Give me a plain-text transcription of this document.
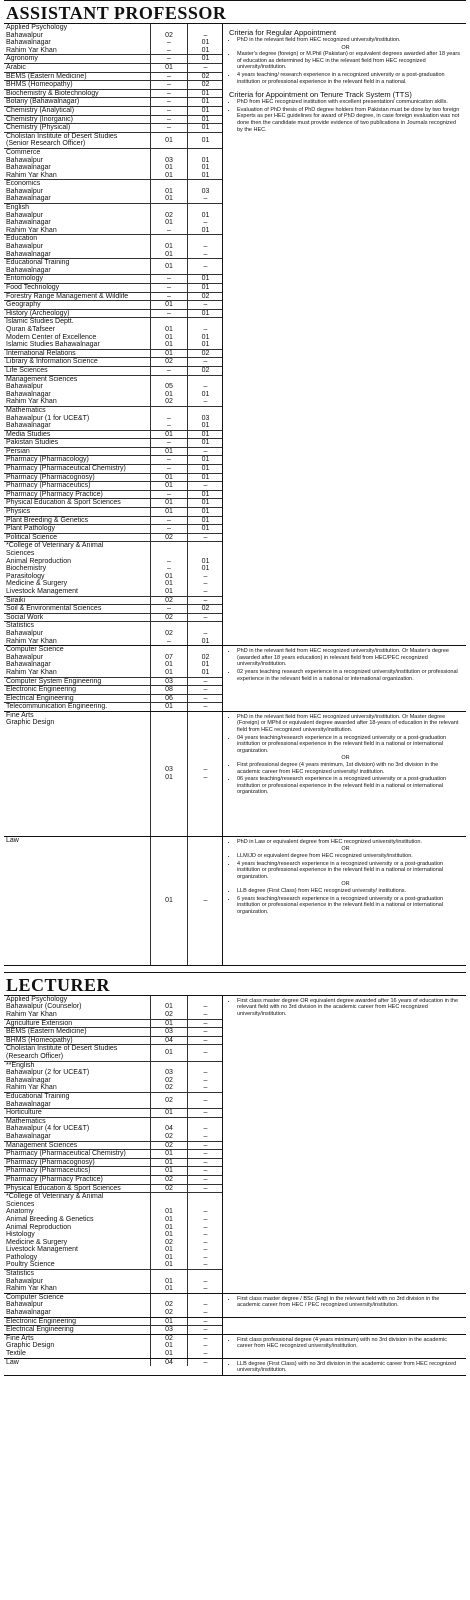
ASSISTANT PROFESSOR
Applied Psychology
Bahawalpur
Bahawalnagar
Rahim Yar Khan

02
–
–

–
01
01
Agronomy	–	01
Arabic	01	–
BEMS (Eastern Medicine)	–	02
BHMS (Homeopathy)	–	02
Biochemistry & Biotechnology	–	01
Botany (Bahawalnagar)	–	01
Chemistry (Analytical)	–	01
Chemistry (Inorganic)	–	01
Chemistry (Physical)	–	01
Cholistan Institute of Desert Studies
(Senior Research Officer)
01	01
Commerce
Bahawalpur
Bahawalnagar
Rahim Yar Khan

03
01
01

01
01
01
Economics
Bahawalpur
Bahawalnagar

01
01

03
–
English
Bahawalpur
Bahawalnagar
Rahim Yar Khan

02
01
–

01
–
01
Education
Bahawalpur
Bahawalnagar

01
01

–
–
Educational Training
Bahawalnagar
01	–
Entomology	–	01
Food Technology	–	01
Forestry Range Management & Wildlife	–	02
Geography	01	–
History (Archeology)	–	01
Islamic Studies Deptt.
Quran &Tafseer
Modern Center of Excellence
Islamic Studies Bahawalnagar

01
01
01

–
01
01
International Relations	01	02
Library & Information Science	02	–
Life Sciences	–	02
Management Sciences
Bahawalpur
Bahawalnagar
Rahim Yar Khan

05
01
02

–
01
–
Mathematics
Bahawalpur (1 for UCE&T)
Bahawalnagar

–
–

03
01
Media Studies	01	01
Pakistan Studies	–	01
Persian	01	–
Pharmacy (Pharmacology)	–	01
Pharmacy (Pharmaceutical Chemistry)	–	01
Pharmacy (Pharmacognosy)	01	01
Pharmacy (Pharmaceutics)	01	–
Pharmacy (Pharmacy Practice)	–	01
Physical Education & Sport Sciences	01	01
Physics	01	01
Plant Breeding & Genetics	–	01
Plant Pathology	–	01
Political Science	02	–
*College of Veterinary & Animal
Sciences
Animal Reproduction
Biochemistry
Parasitology
Medicine & Surgery
Livestock Management

–
–
01
01
01

01
01
–
–
–
Siraiki	02	–
Soil & Environmental Sciences	–	02
Social Work	02	–
Statistics
Bahawalpur
Rahim Yar Khan

02
–

–
01
Criteria for Regular Appointment
• PhD in the relevant field from HEC recognized university/institution.
OR
• Master's degree (foreign) or M.Phil (Pakistan) or equivalent degrees awarded after 18 years of education as determined by HEC in the relevant field from HEC recognized university/institution.
• 4 years teaching/ research experience in a recognized university or a post-graduation institution or professional experience in the relevant field in a national.
Criteria for Appointment on Tenure Track System (TTS)
• PhD from HEC recognized institution with excellent presentation/ communication skills.
• Evaluation of PhD thesis of PhD degree holders from Pakistan must be done by two foreign Experts as per HEC guidelines for award of PhD degree, in case foreign evaluation was not done then the candidate must provide evidence of two publications in Journals recognized by the HEC.
Computer Science
Bahawalpur
Bahawalnagar
Rahim Yar Khan

07
01
01

02
01
01
Computer System Engineering	03	–
Electronic Engineering	08	–
Electrical Engineering	06	–
Telecommunication Engineering.	01	–
• PhD in the relevant field from HEC recognized university/institution. Or Master's degree (awarded after 18 years education) in relevant field from HEC/PEC recognized university/institution.
• 02 years teaching research experience in a recognized university/institution or professional experience in the relevant field in a national or international organization.
Fine Arts
Graphic Design
03
01
–
–
• PhD in the relevant field from HEC recognized university/institution. Or Master degree (Foreign) or MPhil or equivalent degree awarded after 18-years of education in the relevant field from HEC recognized university/institution.
• 04 years teaching/research experience in a recognized university or a post-graduation institution or professional experience in the relevant field in a national or international organization.
OR
• First professional degree (4 years minimum, 1st division) with no 3rd division in the academic career from HEC recognized university/ institution.
• 06 years teaching/research experience in a recognized university or a post-graduation institution or professional experience in the relevant field in a national or international organization.
Law
01	–
• PhD in Law or equivalent degree from HEC recognized university/institution.
OR
• LLM/JD or equivalent degree from HEC recognized university/institution.
• 4 years teaching/research experience in a recognized university or a post-graduation institution or professional experience in the relevant field in a national or international organization.
OR
• LLB degree (First Class) from HEC recognized university/ institutions.
• 6 years teaching/research experience in a recognized university or a post-graduation institution or professional experience in the relevant field in a national or international organization.
LECTURER
Applied Psychology
Bahawalpur (Counselor)
Rahim Yar Khan

01
02

–
–
Agriculture Extension	01	–
BEMS (Eastern Medicine)	03	–
BHMS (Homeopathy)	04	–
Cholistan Institute of Desert Studies
(Research Officer)
01	–
**English
Bahawalpur (2 for UCE&T)
Bahawalnagar
Rahim Yar Khan

03
02
02

–
–
–
Educational Training
Bahawalnagar
02	–
Horticulture	01	–
Mathematics
Bahawalpur (4 for UCE&T)
Bahawalnagar

04
02

–
–
Management Sciences	02	–
Pharmacy (Pharmaceutical Chemistry)	01	–
Pharmacy (Pharmacognosy)	01	–
Pharmacy (Pharmaceutics)	01	–
Pharmacy (Pharmacy Practice)	02	–
Physical Education & Sport Sciences	02	–
*College of Veterinary & Animal
Sciences
Anatomy
Animal Breeding & Genetics
Animal Reproduction
Histology
Medicine & Surgery
Livestock Management
Pathology
Poultry Science

01
01
01
01
02
01
01
01

–
–
–
–
–
–
–
–
Statistics
Bahawalpur
Rahim Yar Khan

01
01

–
–
• First class master degree OR equivalent degree awarded after 16 years of education in the relevant field with no 3rd division in the academic career from HEC recognized university/institution.
Computer Science
Bahawalpur
Bahawalnagar

02
02

–
–
• First class master degree / BSc (Eng) in the relevant field with no 3rd division in the academic career from HEC / PEC recognized university/institution.
Electronic Engineering	01	–
Electrical Engineering	03	–
Fine Arts
Graphic Design
Textile
02
01
01
–
–
–
• First class professional degree (4 years minimum) with no 3rd division in the academic career from HEC recognized university/institution.
Law	04	–
•	LLB degree (First Class) with no 3rd division in the academic career from HEC recognized university/institution.
